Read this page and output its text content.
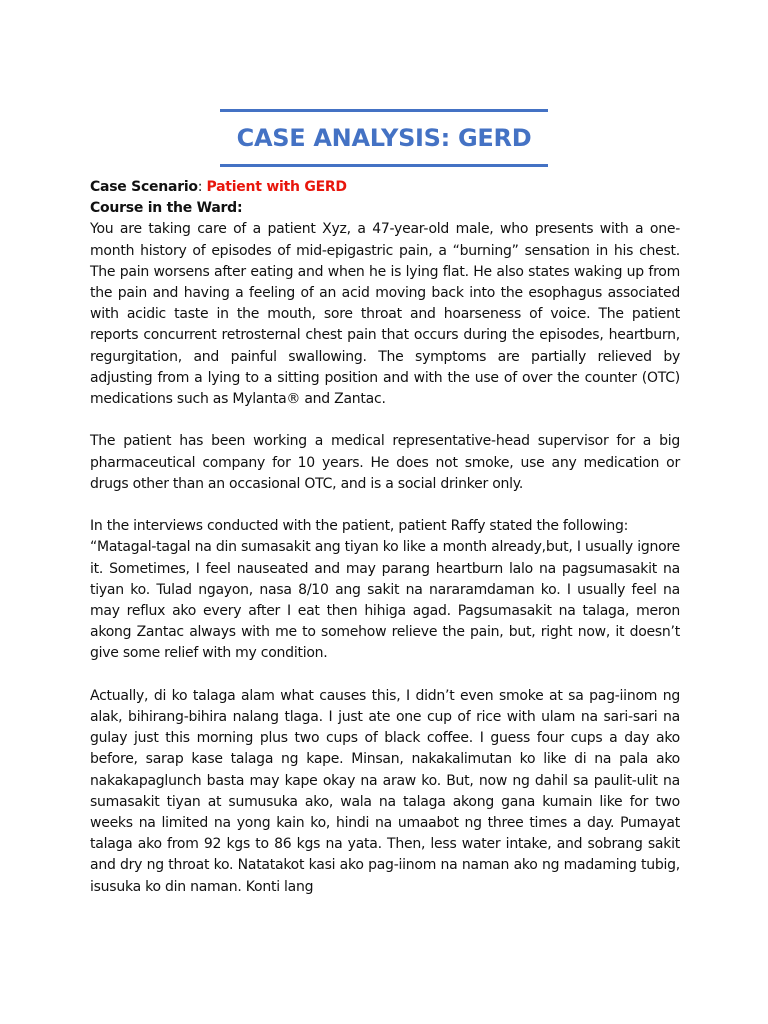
CASE ANALYSIS: GERD

Case Scenario: Patient with GERD

Course in the Ward:

You are taking care of a patient Xyz, a 47-year-old male, who presents with a one- month history of episodes of mid-epigastric pain, a “burning” sensation in his chest. The pain worsens after eating and when he is lying flat. He also states waking up from the pain and having a feeling of an acid moving back into the esophagus associated with acidic taste in the mouth, sore throat and hoarseness of voice. The patient reports concurrent retrosternal chest pain that occurs during the episodes, heartburn, regurgitation, and painful swallowing. The symptoms are partially relieved by adjusting from a lying to a sitting position and with the use of over the counter (OTC) medications such as Mylanta® and Zantac.

The patient has been working a medical representative-head supervisor for a big pharmaceutical company for 10 years. He does not smoke, use any medication or drugs other than an occasional OTC, and is a social drinker only.

In the interviews conducted with the patient, patient Raffy stated the following:

“Matagal-tagal na din sumasakit ang tiyan ko like a month already,but, I usually ignore it. Sometimes, I feel nauseated and may parang heartburn lalo na pagsumasakit na tiyan ko. Tulad ngayon, nasa 8/10 ang sakit na nararamdaman ko. I usually feel na may reflux ako every after I eat then hihiga agad. Pagsumasakit na talaga, meron akong Zantac always with me to somehow relieve the pain, but, right now, it doesn’t give some relief with my condition.

Actually, di ko talaga alam what causes this, I didn’t even smoke at sa pag-iinom ng alak, bihirang-bihira nalang tlaga. I just ate one cup of rice with ulam na sari-sari na gulay just this morning plus two cups of black coffee. I guess four cups a day ako before, sarap kase talaga ng kape. Minsan, nakakalimutan ko like di na pala ako nakakapaglunch basta may kape okay na araw ko. But, now ng dahil sa paulit-ulit na sumasakit tiyan at sumusuka ako, wala na talaga akong gana kumain like for two weeks na limited na yong kain ko, hindi na umaabot ng three times a day. Pumayat talaga ako from 92 kgs to 86 kgs na yata. Then, less water intake, and sobrang sakit and dry ng throat ko. Natatakot kasi ako pag-iinom na naman ako ng madaming tubig, isusuka ko din naman. Konti lang
